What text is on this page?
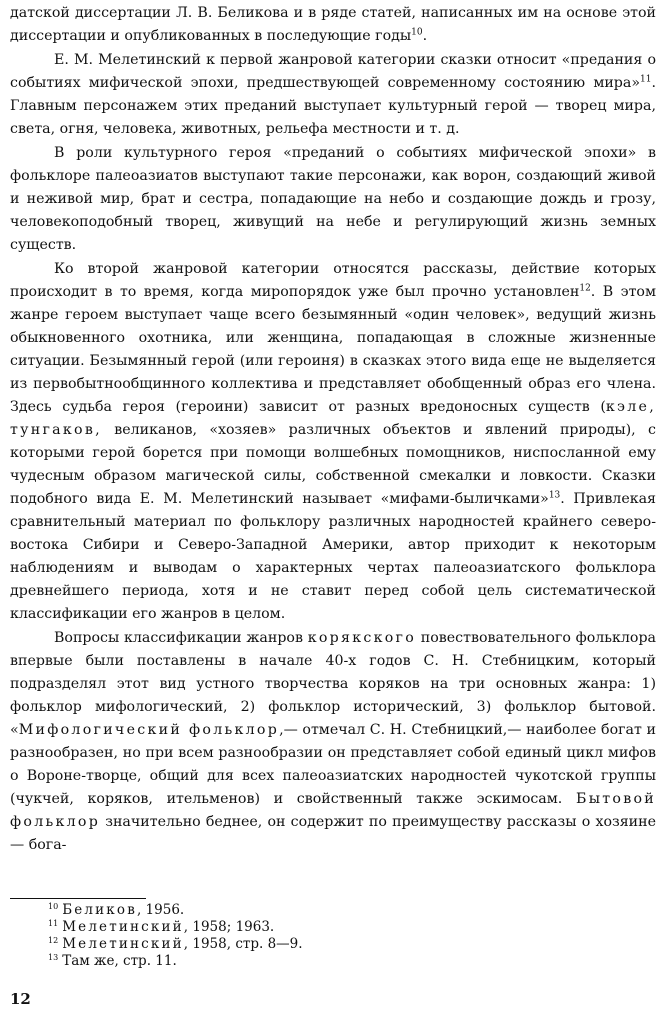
датской диссертации Л. В. Беликова и в ряде статей, написанных им на основе этой диссертации и опубликованных в последующие годы$^{10}$.

Е. М. Мелетинский к первой жанровой категории сказки относит «предания о событиях мифической эпохи, предшествующей современному состоянию мира»$^{11}$. Главным персонажем этих преданий выступает культурный герой — творец мира, света, огня, человека, животных, рельефа местности и т. д.

В роли культурного героя «преданий о событиях мифической эпохи» в фольклоре палеоазиатов выступают такие персонажи, как ворон, создающий живой и неживой мир, брат и сестра, попадающие на небо и создающие дождь и грозу, человекоподобный творец, живущий на небе и регулирующий жизнь земных существ.

Ко второй жанровой категории относятся рассказы, действие которых происходит в то время, когда миропорядок уже был прочно установлен$^{12}$. В этом жанре героем выступает чаще всего безымянный «один человек», ведущий жизнь обыкновенного охотника, или женщина, попадающая в сложные жизненные ситуации. Безымянный герой (или героиня) в сказках этого вида еще не выделяется из первобытнообщинного коллектива и представляет обобщенный образ его члена. Здесь судьба героя (героини) зависит от разных вредоносных существ (кэле, тунгаков, великанов, «хозяев» различных объектов и явлений природы), с которыми герой борется при помощи волшебных помощников, ниспосланной ему чудесным образом магической силы, собственной смекалки и ловкости. Сказки подобного вида Е. М. Мелетинский называет «мифами-быличками»$^{13}$. Привлекая сравнительный материал по фольклору различных народностей крайнего северо-востока Сибири и Северо-Западной Америки, автор приходит к некоторым наблюдениям и выводам о характерных чертах палеоазиатского фольклора древнейшего периода, хотя и не ставит перед собой цель систематической классификации его жанров в целом.

Вопросы классификации жанров корякского повествовательного фольклора впервые были поставлены в начале 40-х годов С. Н. Стебницким, который подразделял этот вид устного творчества коряков на три основных жанра: 1) фольклор мифологический, 2) фольклор исторический, 3) фольклор бытовой. «Мифологический фольклор,— отмечал С. Н. Стебницкий,— наиболее богат и разнообразен, но при всем разнообразии он представляет собой единый цикл мифов о Вороне-творце, общий для всех палеоазиатских народностей чукотской группы (чукчей, коряков, ительменов) и свойственный также эскимосам. Бытовой фольклор значительно беднее, он содержит по преимуществу рассказы о хозяине — бога-

$^{10}$ Беликов, 1956.
$^{11}$ Мелетинский, 1958; 1963.
$^{12}$ Мелетинский, 1958, стр. 8—9.
$^{13}$ Там же, стр. 11.
12
